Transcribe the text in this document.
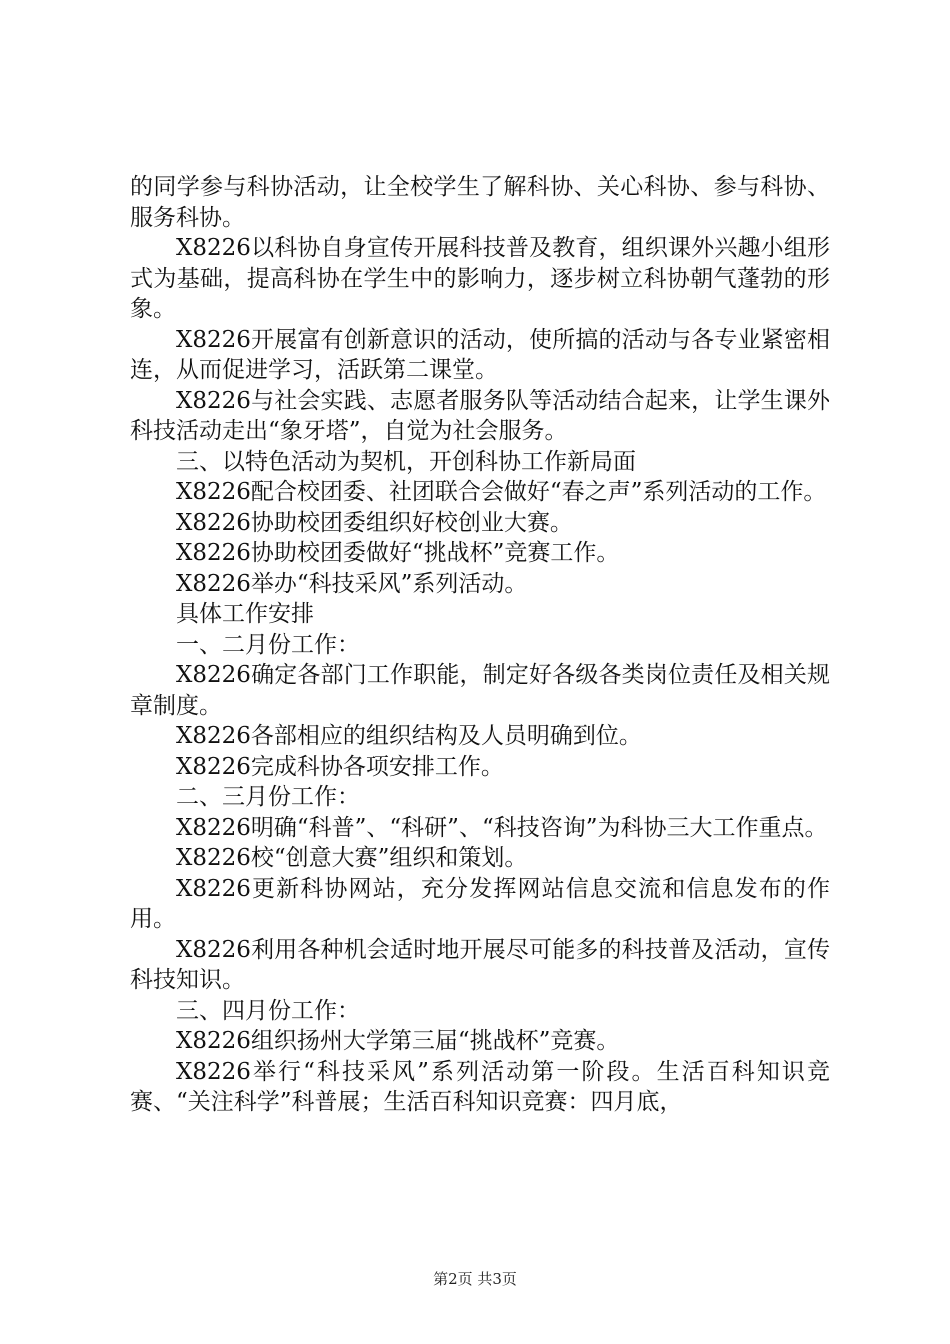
的同学参与科协活动，让全校学生了解科协、关心科协、参与科协、服务科协。

X8226以科协自身宣传开展科技普及教育，组织课外兴趣小组形式为基础，提高科协在学生中的影响力，逐步树立科协朝气蓬勃的形象。

X8226开展富有创新意识的活动，使所搞的活动与各专业紧密相连，从而促进学习，活跃第二课堂。

X8226与社会实践、志愿者服务队等活动结合起来，让学生课外科技活动走出“象牙塔”，自觉为社会服务。

三、以特色活动为契机，开创科协工作新局面

X8226配合校团委、社团联合会做好“春之声”系列活动的工作。

X8226协助校团委组织好校创业大赛。

X8226协助校团委做好“挑战杯”竞赛工作。

X8226举办“科技采风”系列活动。

具体工作安排

一、二月份工作：

X8226确定各部门工作职能，制定好各级各类岗位责任及相关规章制度。

X8226各部相应的组织结构及人员明确到位。

X8226完成科协各项安排工作。

二、三月份工作：

X8226明确“科普”、“科研”、“科技咨询”为科协三大工作重点。

X8226校“创意大赛”组织和策划。

X8226更新科协网站，充分发挥网站信息交流和信息发布的作用。

X8226利用各种机会适时地开展尽可能多的科技普及活动，宣传科技知识。

三、四月份工作：

X8226组织扬州大学第三届“挑战杯”竞赛。

X8226举行“科技采风”系列活动第一阶段。生活百科知识竞赛、“关注科学”科普展；生活百科知识竞赛：四月底，

第2页 共3页
